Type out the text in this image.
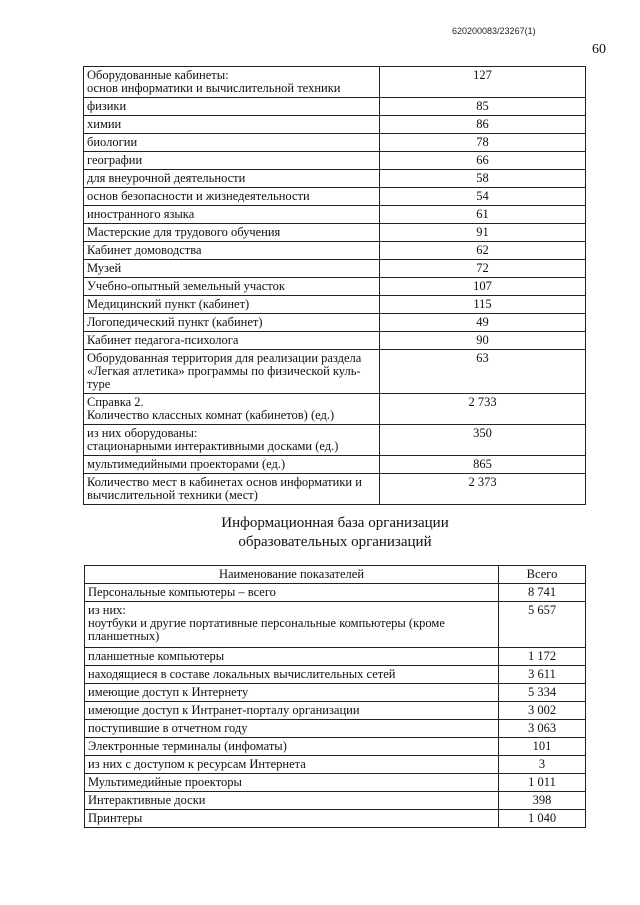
620200083/23267(1)
60
Оборудованные кабинеты:
основ информатики и вычислительной техники	127
физики	85
химии	86
биологии	78
географии	66
для внеурочной деятельности	58
основ безопасности и жизнедеятельности	54
иностранного языка	61
Мастерские для трудового обучения	91
Кабинет домоводства	62
Музей	72
Учебно-опытный земельный участок	107
Медицинский пункт (кабинет)	115
Логопедический пункт (кабинет)	49
Кабинет педагога-психолога	90
Оборудованная территория для реализации раздела
«Легкая атлетика» программы по физической куль-
туре	63
Справка 2.
Количество классных комнат (кабинетов) (ед.)	2 733
из них оборудованы:
стационарными интерактивными досками (ед.)	350
мультимедийными проекторами (ед.)	865
Количество мест в кабинетах основ информатики и
вычислительной техники (мест)	2 373
Информационная база организации
образовательных организаций
Наименование показателей	Всего
Персональные компьютеры – всего	8 741
из них:
ноутбуки и другие портативные персональные компьютеры (кроме
планшетных)	5 657
планшетные компьютеры	1 172
находящиеся в составе локальных вычислительных сетей	3 611
имеющие доступ к Интернету	5 334
имеющие доступ к Интранет-порталу организации	3 002
поступившие в отчетном году	3 063
Электронные терминалы (инфоматы)	101
из них с доступом к ресурсам Интернета	3
Мультимедийные проекторы	1 011
Интерактивные доски	398
Принтеры	1 040
